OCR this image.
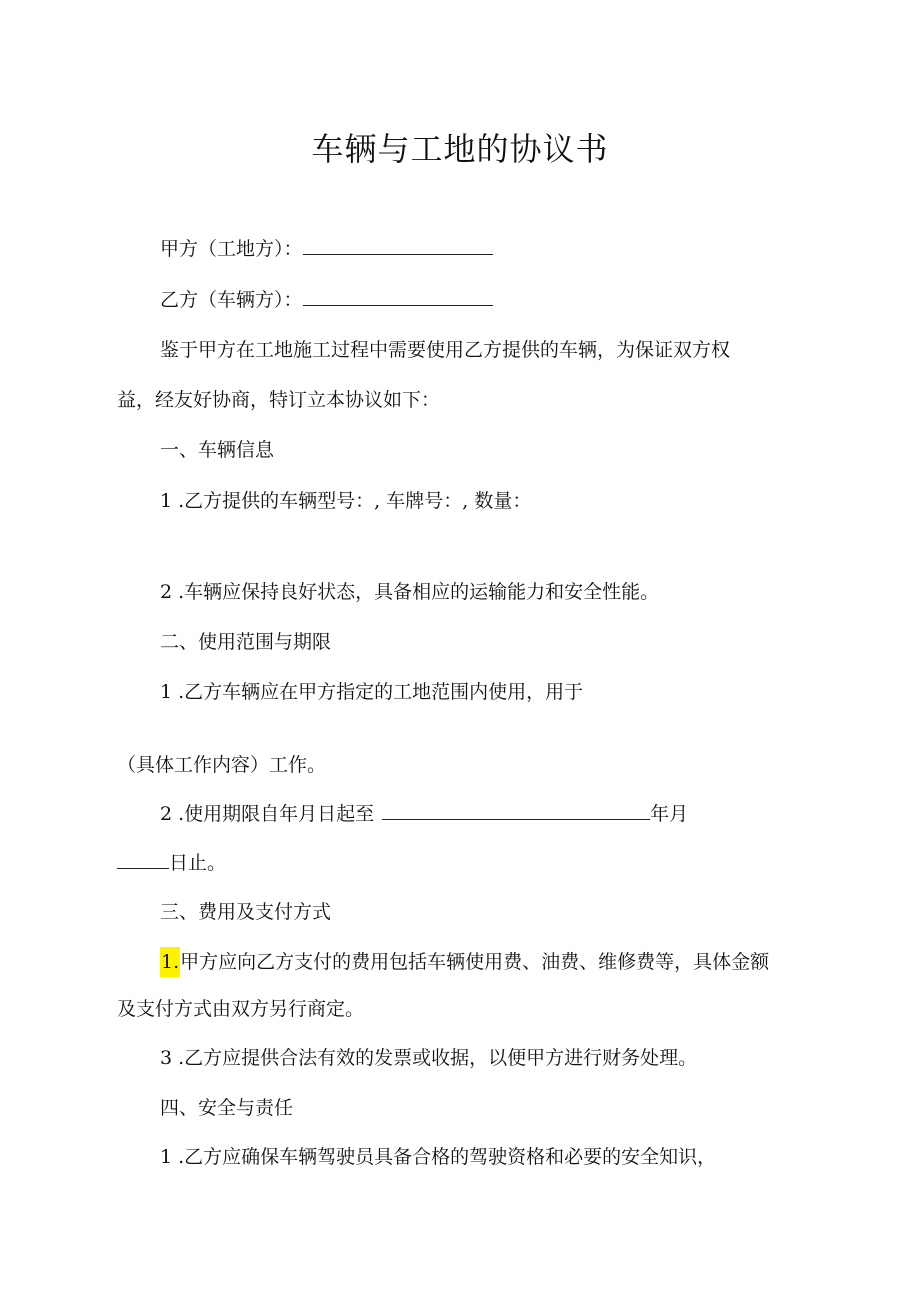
车辆与工地的协议书
甲方（工地方）：
乙方（车辆方）：
鉴于甲方在工地施工过程中需要使用乙方提供的车辆，为保证双方权
益，经友好协商，特订立本协议如下：
一、车辆信息
1 .乙方提供的车辆型号：, 车牌号：, 数量：
2 .车辆应保持良好状态，具备相应的运输能力和安全性能。
二、使用范围与期限
1 .乙方车辆应在甲方指定的工地范围内使用，用于
（具体工作内容）工作。
2 .使用期限自年月日起至	年月
日止。
三、费用及支付方式
1.甲方应向乙方支付的费用包括车辆使用费、油费、维修费等，具体金额
及支付方式由双方另行商定。
3 .乙方应提供合法有效的发票或收据，以便甲方进行财务处理。
四、安全与责任
1 .乙方应确保车辆驾驶员具备合格的驾驶资格和必要的安全知识，
